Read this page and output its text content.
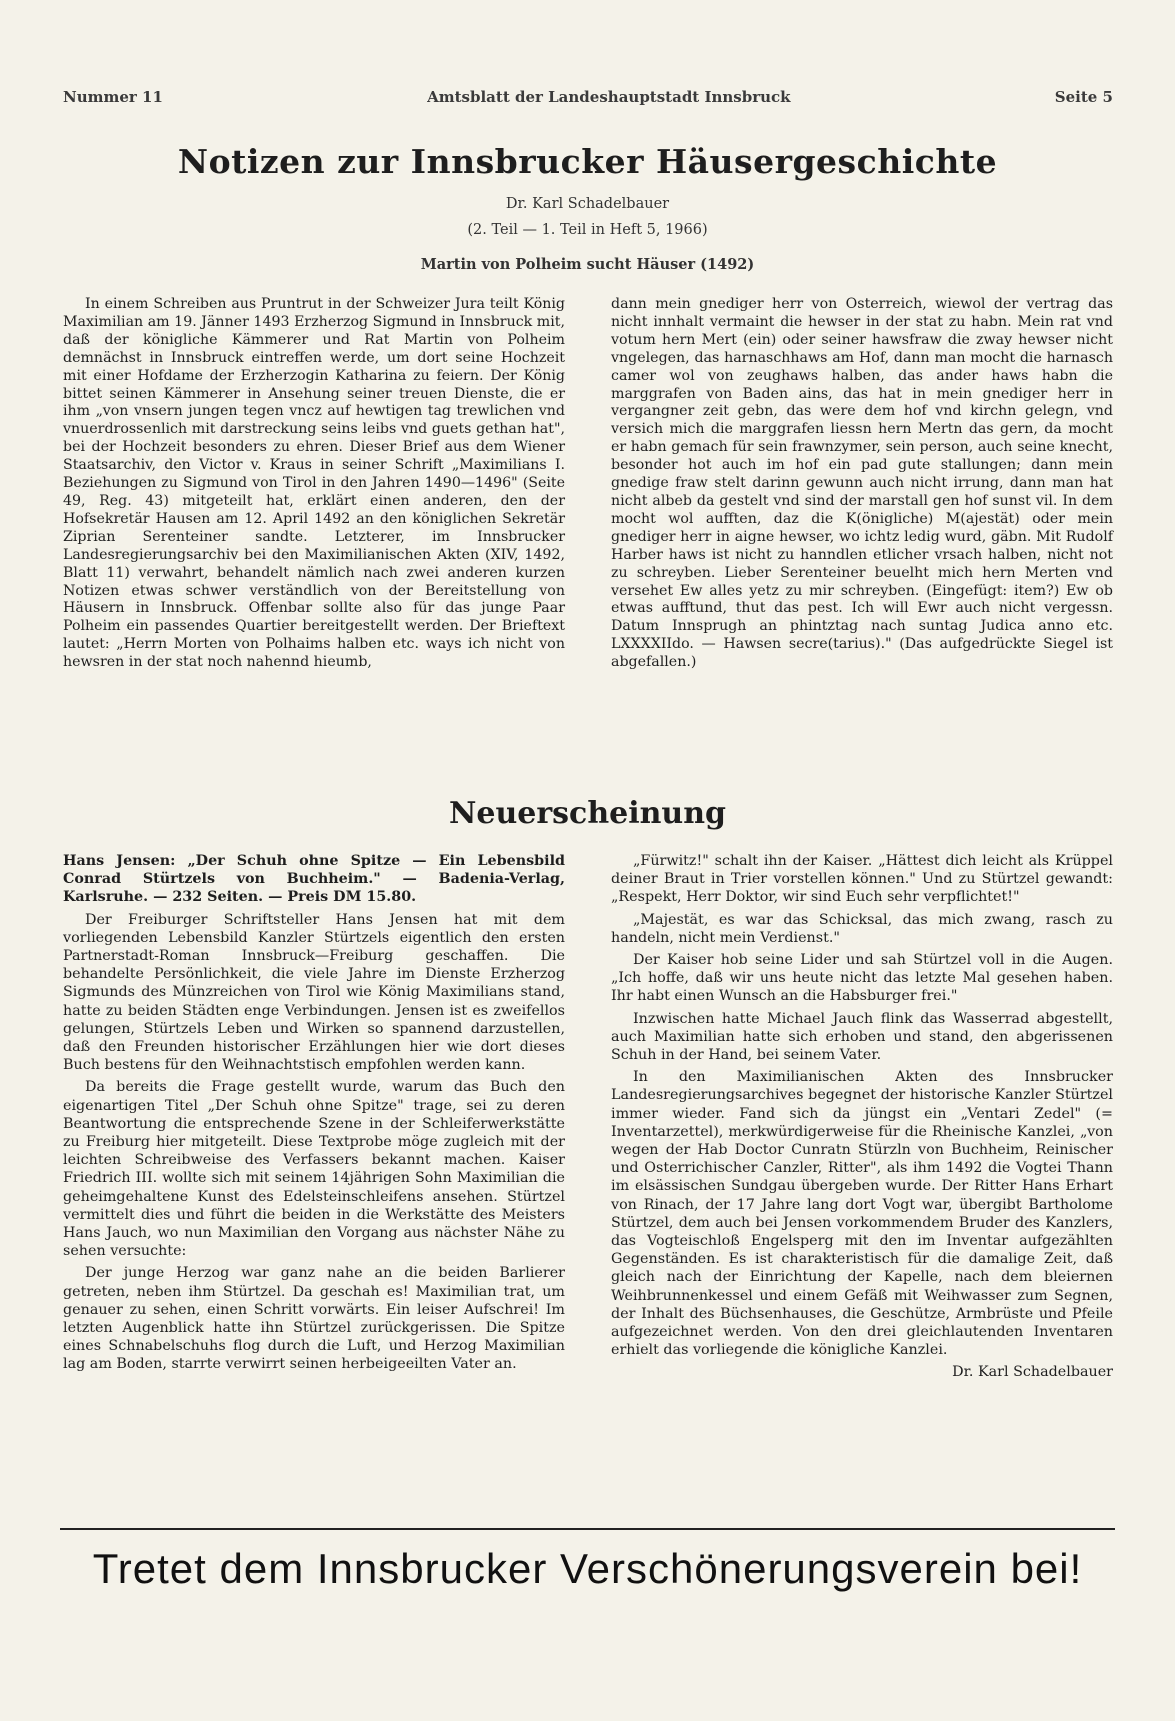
Nummer 11	Amtsblatt der Landeshauptstadt Innsbruck	Seite 5
Notizen zur Innsbrucker Häusergeschichte
Dr. Karl Schadelbauer
(2. Teil — 1. Teil in Heft 5, 1966)
Martin von Polheim sucht Häuser (1492)

In einem Schreiben aus Pruntrut in der Schweizer Jura teilt König Maximilian am 19. Jänner 1493 Erzherzog Sigmund in Innsbruck mit, daß der königliche Kämmerer und Rat Martin von Polheim demnächst in Innsbruck eintreffen werde, um dort seine Hochzeit mit einer Hofdame der Erzherzogin Katharina zu feiern. Der König bittet seinen Kämmerer in Ansehung seiner treuen Dienste, die er ihm „von vnsern jungen tegen vncz auf hewtigen tag trewlichen vnd vnuerdrossenlich mit darstreckung seins leibs vnd guets gethan hat", bei der Hochzeit besonders zu ehren. Dieser Brief aus dem Wiener Staatsarchiv, den Victor v. Kraus in seiner Schrift „Maximilians I. Beziehungen zu Sigmund von Tirol in den Jahren 1490—1496" (Seite 49, Reg. 43) mitgeteilt hat, erklärt einen anderen, den der Hofsekretär Hausen am 12. April 1492 an den königlichen Sekretär Ziprian Serenteiner sandte. Letzterer, im Innsbrucker Landesregierungsarchiv bei den Maximilianischen Akten (XIV, 1492, Blatt 11) verwahrt, behandelt nämlich nach zwei anderen kurzen Notizen etwas schwer verständlich von der Bereitstellung von Häusern in Innsbruck. Offenbar sollte also für das junge Paar Polheim ein passendes Quartier bereitgestellt werden. Der Brieftext lautet: „Herrn Morten von Polhaims halben etc. ways ich nicht von hewsren in der stat noch nahennd hieumb,

dann mein gnediger herr von Osterreich, wiewol der vertrag das nicht innhalt vermaint die hewser in der stat zu habn. Mein rat vnd votum hern Mert (ein) oder seiner hawsfraw die zway hewser nicht vngelegen, das harnaschhaws am Hof, dann man mocht die harnasch camer wol von zeughaws halben, das ander haws habn die marggrafen von Baden ains, das hat in mein gnediger herr in vergangner zeit gebn, das were dem hof vnd kirchn gelegn, vnd versich mich die marggrafen liessn hern Mertn das gern, da mocht er habn gemach für sein frawnzymer, sein person, auch seine knecht, besonder hot auch im hof ein pad gute stallungen; dann mein gnedige fraw stelt darinn gewunn auch nicht irrung, dann man hat nicht albeb da gestelt vnd sind der marstall gen hof sunst vil. In dem mocht wol aufften, daz die K(önigliche) M(ajestät) oder mein gnediger herr in aigne hewser, wo ichtz ledig wurd, gäbn. Mit Rudolf Harber haws ist nicht zu hanndlen etlicher vrsach halben, nicht not zu schreyben. Lieber Serenteiner beuelht mich hern Merten vnd versehet Ew alles yetz zu mir schreyben. (Eingefügt: item?) Ew ob etwas aufftund, thut das pest. Ich will Ewr auch nicht vergessn. Datum Innsprugh an phintztag nach suntag Judica anno etc. LXXXXIIdo. — Hawsen secre(tarius)." (Das aufgedrückte Siegel ist abgefallen.)

Neuerscheinung

Hans Jensen: „Der Schuh ohne Spitze — Ein Lebensbild Conrad Stürtzels von Buchheim." — Badenia-Verlag, Karlsruhe. — 232 Seiten. — Preis DM 15.80.

Der Freiburger Schriftsteller Hans Jensen hat mit dem vorliegenden Lebensbild Kanzler Stürtzels eigentlich den ersten Partnerstadt-Roman Innsbruck—Freiburg geschaffen. Die behandelte Persönlichkeit, die viele Jahre im Dienste Erzherzog Sigmunds des Münzreichen von Tirol wie König Maximilians stand, hatte zu beiden Städten enge Verbindungen. Jensen ist es zweifellos gelungen, Stürtzels Leben und Wirken so spannend darzustellen, daß den Freunden historischer Erzählungen hier wie dort dieses Buch bestens für den Weihnachtstisch empfohlen werden kann.

Da bereits die Frage gestellt wurde, warum das Buch den eigenartigen Titel „Der Schuh ohne Spitze" trage, sei zu deren Beantwortung die entsprechende Szene in der Schleiferwerkstätte zu Freiburg hier mitgeteilt. Diese Textprobe möge zugleich mit der leichten Schreibweise des Verfassers bekannt machen. Kaiser Friedrich III. wollte sich mit seinem 14jährigen Sohn Maximilian die geheimgehaltene Kunst des Edelsteinschleifens ansehen. Stürtzel vermittelt dies und führt die beiden in die Werkstätte des Meisters Hans Jauch, wo nun Maximilian den Vorgang aus nächster Nähe zu sehen versuchte:

Der junge Herzog war ganz nahe an die beiden Barlierer getreten, neben ihm Stürtzel. Da geschah es! Maximilian trat, um genauer zu sehen, einen Schritt vorwärts. Ein leiser Aufschrei! Im letzten Augenblick hatte ihn Stürtzel zurückgerissen. Die Spitze eines Schnabelschuhs flog durch die Luft, und Herzog Maximilian lag am Boden, starrte verwirrt seinen herbeigeeilten Vater an.

„Fürwitz!" schalt ihn der Kaiser. „Hättest dich leicht als Krüppel deiner Braut in Trier vorstellen können." Und zu Stürtzel gewandt: „Respekt, Herr Doktor, wir sind Euch sehr verpflichtet!"

„Majestät, es war das Schicksal, das mich zwang, rasch zu handeln, nicht mein Verdienst."

Der Kaiser hob seine Lider und sah Stürtzel voll in die Augen. „Ich hoffe, daß wir uns heute nicht das letzte Mal gesehen haben. Ihr habt einen Wunsch an die Habsburger frei."

Inzwischen hatte Michael Jauch flink das Wasserrad abgestellt, auch Maximilian hatte sich erhoben und stand, den abgerissenen Schuh in der Hand, bei seinem Vater.

In den Maximilianischen Akten des Innsbrucker Landesregierungsarchives begegnet der historische Kanzler Stürtzel immer wieder. Fand sich da jüngst ein „Ventari Zedel" (= Inventarzettel), merkwürdigerweise für die Rheinische Kanzlei, „von wegen der Hab Doctor Cunratn Stürzln von Buchheim, Reinischer und Osterrichischer Canzler, Ritter", als ihm 1492 die Vogtei Thann im elsässischen Sundgau übergeben wurde. Der Ritter Hans Erhart von Rinach, der 17 Jahre lang dort Vogt war, übergibt Bartholome Stürtzel, dem auch bei Jensen vorkommendem Bruder des Kanzlers, das Vogteischloß Engelsperg mit den im Inventar aufgezählten Gegenständen. Es ist charakteristisch für die damalige Zeit, daß gleich nach der Einrichtung der Kapelle, nach dem bleiernen Weihbrunnenkessel und einem Gefäß mit Weihwasser zum Segnen, der Inhalt des Büchsenhauses, die Geschütze, Armbrüste und Pfeile aufgezeichnet werden. Von den drei gleichlautenden Inventaren erhielt das vorliegende die königliche Kanzlei.

Dr. Karl Schadelbauer

Tretet dem Innsbrucker Verschönerungsverein bei!
